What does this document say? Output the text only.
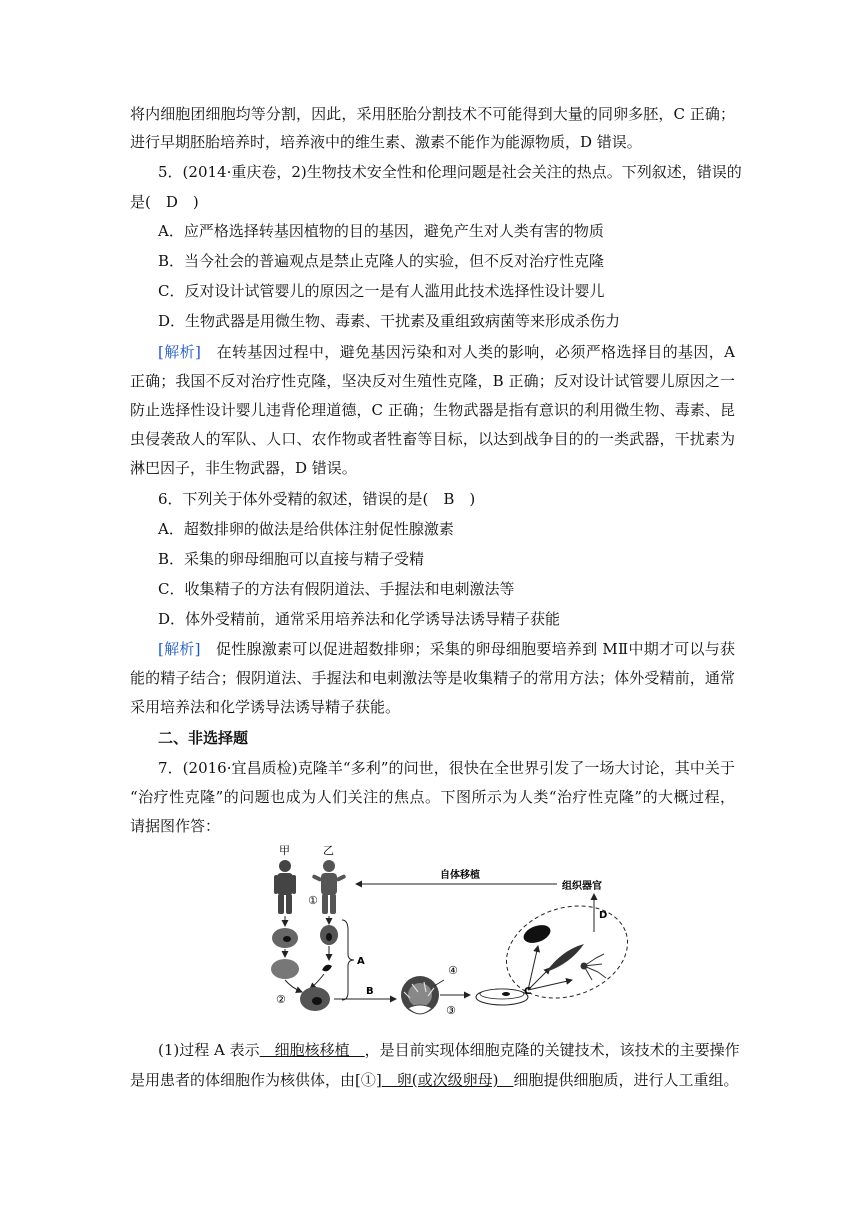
将内细胞团细胞均等分割，因此，采用胚胎分割技术不可能得到大量的同卵多胚，C 正确；
进行早期胚胎培养时，培养液中的维生素、激素不能作为能源物质，D 错误。
5．(2014·重庆卷，2)生物技术安全性和伦理问题是社会关注的热点。下列叙述，错误的
是(　D　)
A．应严格选择转基因植物的目的基因，避免产生对人类有害的物质
B．当今社会的普遍观点是禁止克隆人的实验，但不反对治疗性克隆
C．反对设计试管婴儿的原因之一是有人滥用此技术选择性设计婴儿
D．生物武器是用微生物、毒素、干扰素及重组致病菌等来形成杀伤力
[解析]　在转基因过程中，避免基因污染和对人类的影响，必须严格选择目的基因，A
正确；我国不反对治疗性克隆，坚决反对生殖性克隆，B 正确；反对设计试管婴儿原因之一
防止选择性设计婴儿违背伦理道德，C 正确；生物武器是指有意识的利用微生物、毒素、昆
虫侵袭敌人的军队、人口、农作物或者牲畜等目标，以达到战争目的的一类武器，干扰素为
淋巴因子，非生物武器，D 错误。
6．下列关于体外受精的叙述，错误的是(　B　)
A．超数排卵的做法是给供体注射促性腺激素
B．采集的卵母细胞可以直接与精子受精
C．收集精子的方法有假阴道法、手握法和电刺激法等
D．体外受精前，通常采用培养法和化学诱导法诱导精子获能
[解析]　促性腺激素可以促进超数排卵；采集的卵母细胞要培养到 MⅡ中期才可以与获
能的精子结合；假阴道法、手握法和电刺激法等是收集精子的常用方法；体外受精前，通常
采用培养法和化学诱导法诱导精子获能。
二、非选择题
7．(2016·宜昌质检)克隆羊“多利”的问世，很快在全世界引发了一场大讨论，其中关于
“治疗性克隆”的问题也成为人们关注的焦点。下图所示为人类“治疗性克隆”的大概过程，
请据图作答：
甲	乙
①
自体移植
组织器官
D
②
A
B
④
③
C
(1)过程 A 表示　细胞核移植　，是目前实现体细胞克隆的关键技术，该技术的主要操作
是用患者的体细胞作为核供体，由[①]　卵(或次级卵母)　细胞提供细胞质，进行人工重组。
